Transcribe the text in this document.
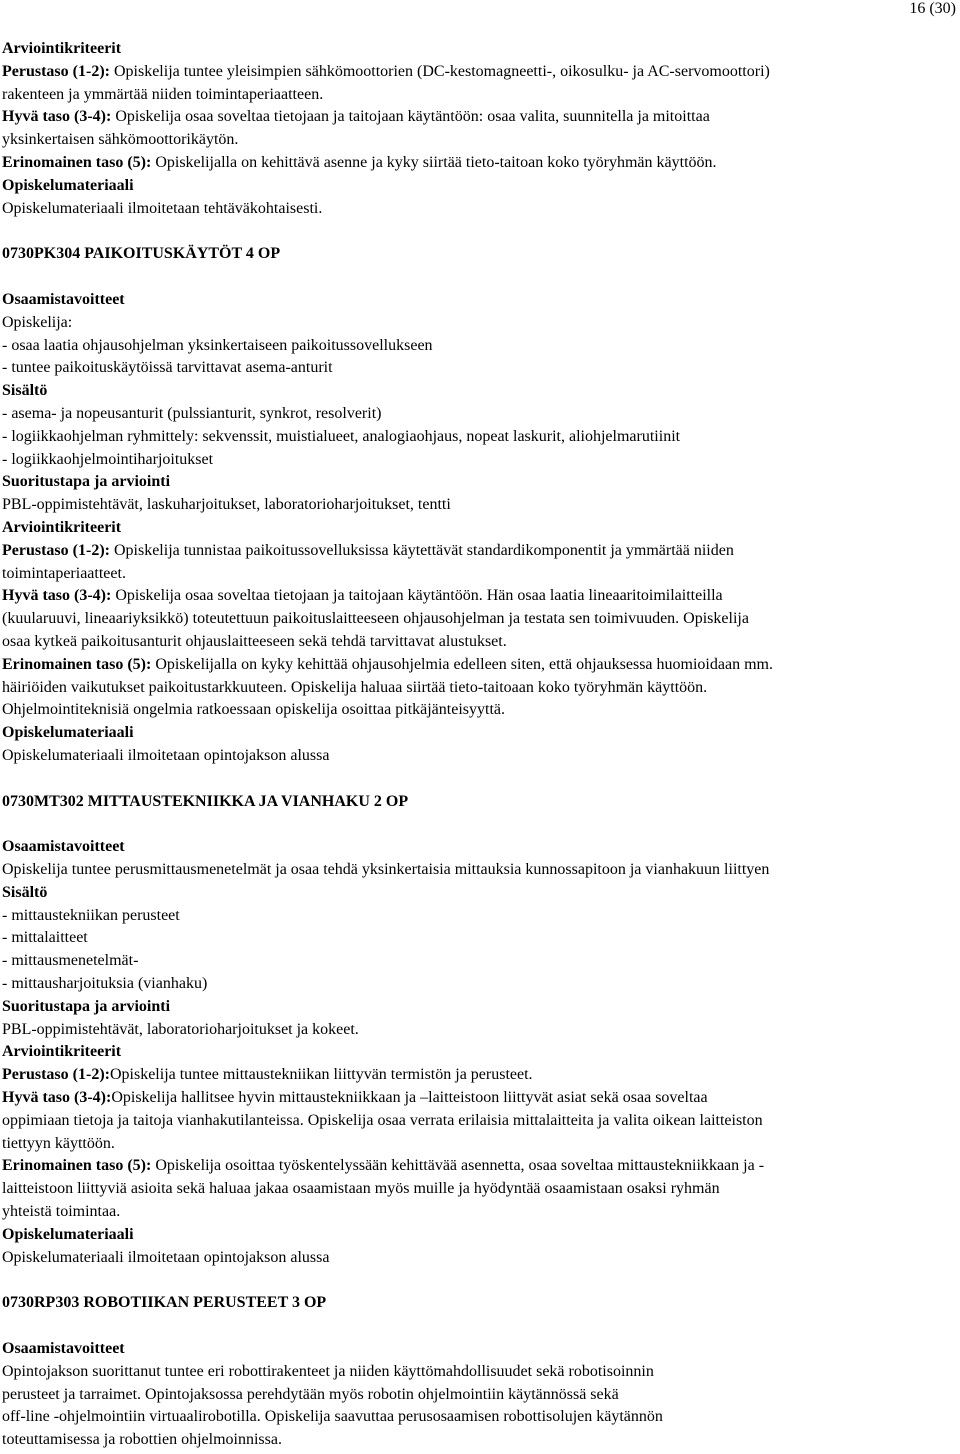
16 (30)
Arviointikriteerit
Perustaso (1-2): Opiskelija tuntee yleisimpien sähkömoottorien (DC-kestomagneetti-, oikosulku- ja AC-servomoottori)
rakenteen ja ymmärtää niiden toimintaperiaatteen.
Hyvä taso (3-4): Opiskelija osaa soveltaa tietojaan ja taitojaan käytäntöön: osaa valita, suunnitella ja mitoittaa
yksinkertaisen sähkömoottorikäytön.
Erinomainen taso (5): Opiskelijalla on kehittävä asenne ja kyky siirtää tieto-taitoan koko työryhmän käyttöön.
Opiskelumateriaali
Opiskelumateriaali ilmoitetaan tehtäväkohtaisesti.
0730PK304 PAIKOITUSKÄYTÖT 4 OP
Osaamistavoitteet
Opiskelija:
- osaa laatia ohjausohjelman yksinkertaiseen paikoitussovellukseen
- tuntee paikoituskäytöissä tarvittavat asema-anturit
Sisältö
- asema- ja nopeusanturit (pulssianturit, synkrot, resolverit)
- logiikkaohjelman ryhmittely: sekvenssit, muistialueet, analogiaohjaus, nopeat laskurit, aliohjelmarutiinit
- logiikkaohjelmointiharjoitukset
Suoritustapa ja arviointi
PBL-oppimistehtävät, laskuharjoitukset, laboratorioharjoitukset, tentti
Arviointikriteerit
Perustaso (1-2): Opiskelija tunnistaa paikoitussovelluksissa käytettävät standardikomponentit ja ymmärtää niiden
toimintaperiaatteet.
Hyvä taso (3-4): Opiskelija osaa soveltaa tietojaan ja taitojaan käytäntöön. Hän osaa laatia lineaaritoimilaitteilla
(kuularuuvi, lineaariyksikkö) toteutettuun paikoituslaitteeseen ohjausohjelman ja testata sen toimivuuden. Opiskelija
osaa kytkeä paikoitusanturit ohjauslaitteeseen sekä tehdä tarvittavat alustukset.
Erinomainen taso (5): Opiskelijalla on kyky kehittää ohjausohjelmia edelleen siten, että ohjauksessa huomioidaan mm.
häiriöiden vaikutukset paikoitustarkkuuteen. Opiskelija haluaa siirtää tieto-taitoaan koko työryhmän käyttöön.
Ohjelmointiteknisiä ongelmia ratkoessaan opiskelija osoittaa pitkäjänteisyyttä.
Opiskelumateriaali
Opiskelumateriaali ilmoitetaan opintojakson alussa
0730MT302 MITTAUSTEKNIIKKA JA VIANHAKU 2 OP
Osaamistavoitteet
Opiskelija tuntee perusmittausmenetelmät ja osaa tehdä yksinkertaisia mittauksia kunnossapitoon ja vianhakuun liittyen
Sisältö
- mittaustekniikan perusteet
- mittalaitteet
- mittausmenetelmät-
- mittausharjoituksia (vianhaku)
Suoritustapa ja arviointi
PBL-oppimistehtävät, laboratorioharjoitukset ja kokeet.
Arviointikriteerit
Perustaso (1-2):Opiskelija tuntee mittaustekniikan liittyvän termistön ja perusteet.
Hyvä taso (3-4):Opiskelija hallitsee hyvin mittaustekniikkaan ja –laitteistoon liittyvät asiat sekä osaa soveltaa
oppimiaan tietoja ja taitoja vianhakutilanteissa. Opiskelija osaa verrata erilaisia mittalaitteita ja valita oikean laitteiston
tiettyyn käyttöön.
Erinomainen taso (5): Opiskelija osoittaa työskentelyssään kehittävää asennetta, osaa soveltaa mittaustekniikkaan ja -
laitteistoon liittyviä asioita sekä haluaa jakaa osaamistaan myös muille ja hyödyntää osaamistaan osaksi ryhmän
yhteistä toimintaa.
Opiskelumateriaali
Opiskelumateriaali ilmoitetaan opintojakson alussa
0730RP303 ROBOTIIKAN PERUSTEET 3 OP
Osaamistavoitteet
Opintojakson suorittanut tuntee eri robottirakenteet ja niiden käyttömahdollisuudet sekä robotisoinnin
perusteet ja tarraimet. Opintojaksossa perehdytään myös robotin ohjelmointiin käytännössä sekä
off-line -ohjelmointiin virtuaalirobotilla. Opiskelija saavuttaa perusosaamisen robottisolujen käytännön
toteuttamisessa ja robottien ohjelmoinnissa.
